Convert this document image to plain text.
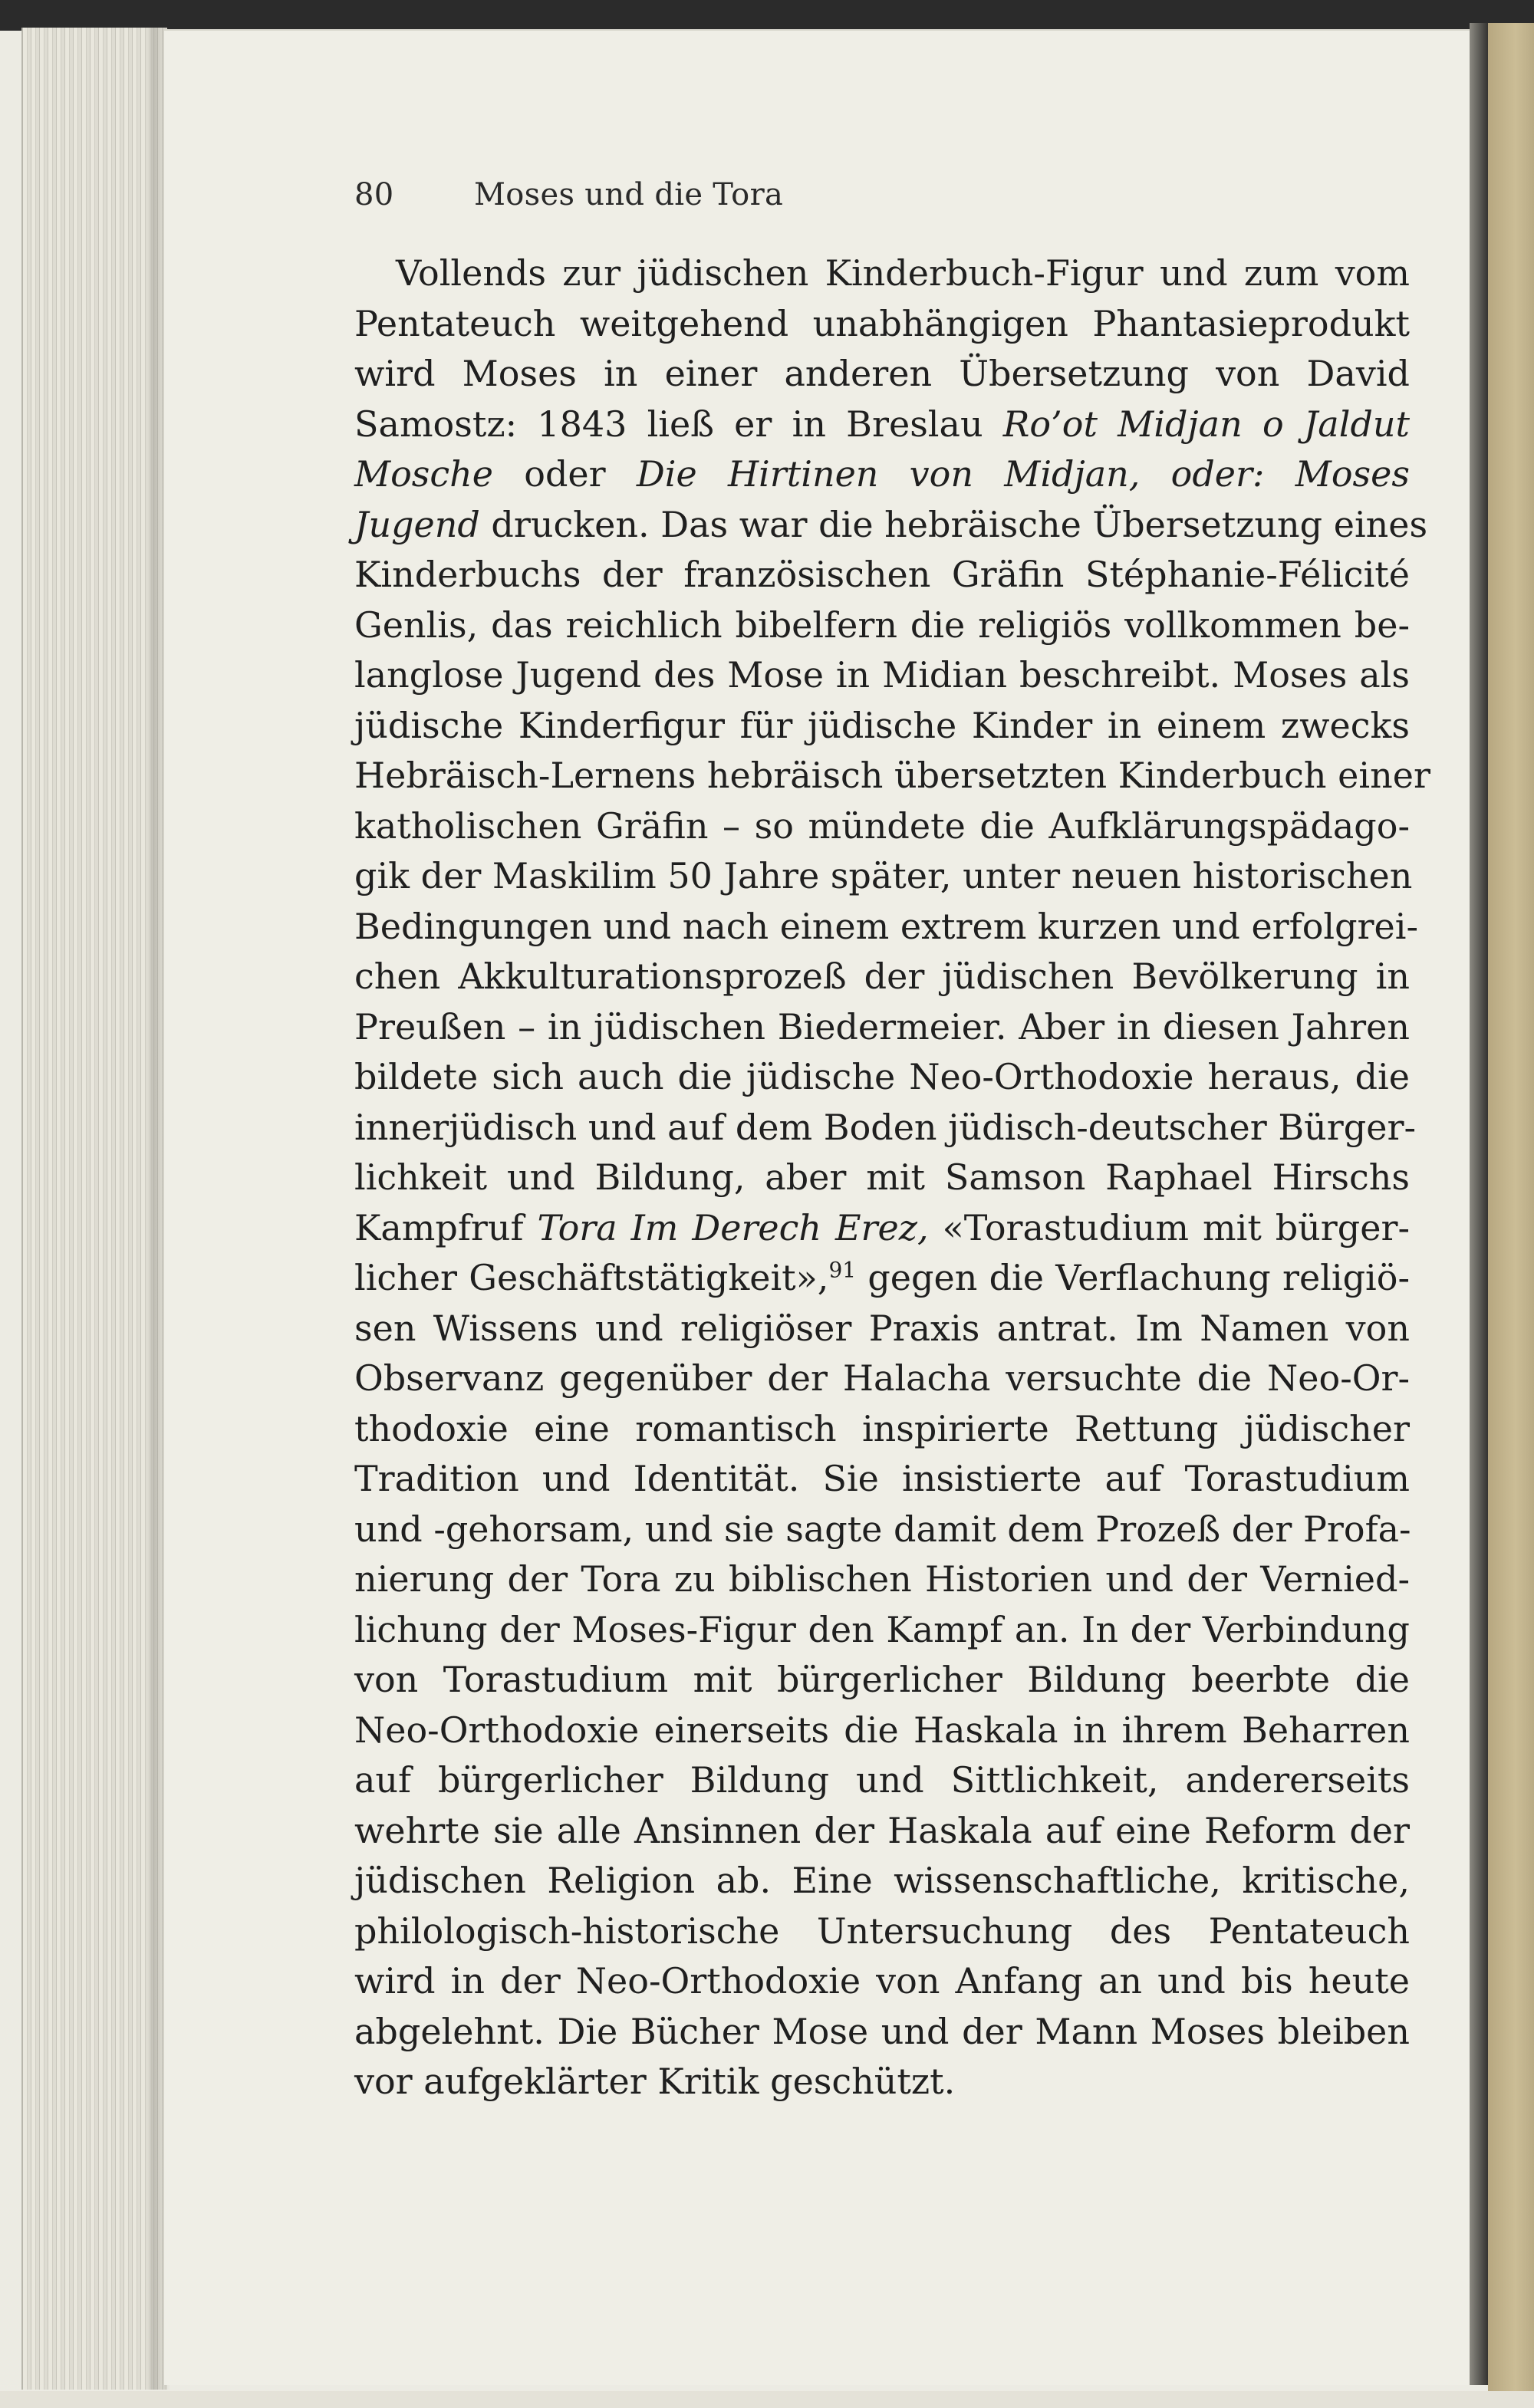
80	Moses und die Tora
Vollends zur jüdischen Kinderbuch-Figur und zum vom
Pentateuch weitgehend unabhängigen Phantasieprodukt
wird Moses in einer anderen Übersetzung von David
Samostz: 1843 ließ er in Breslau Ro’ot Midjan o Jaldut
Mosche oder Die Hirtinen von Midjan, oder: Moses
Jugend drucken. Das war die hebräische Übersetzung eines
Kinderbuchs der französischen Gräfin Stéphanie-Félicité
Genlis, das reichlich bibelfern die religiös vollkommen be-
langlose Jugend des Mose in Midian beschreibt. Moses als
jüdische Kinderfigur für jüdische Kinder in einem zwecks
Hebräisch-Lernens hebräisch übersetzten Kinderbuch einer
katholischen Gräfin – so mündete die Aufklärungspädago-
gik der Maskilim 50 Jahre später, unter neuen historischen
Bedingungen und nach einem extrem kurzen und erfolgrei-
chen Akkulturationsprozeß der jüdischen Bevölkerung in
Preußen – in jüdischen Biedermeier. Aber in diesen Jahren
bildete sich auch die jüdische Neo-Orthodoxie heraus, die
innerjüdisch und auf dem Boden jüdisch-deutscher Bürger-
lichkeit und Bildung, aber mit Samson Raphael Hirschs
Kampfruf Tora Im Derech Erez, «Torastudium mit bürger-
licher Geschäftstätigkeit»,$^{91}$ gegen die Verflachung religiö-
sen Wissens und religiöser Praxis antrat. Im Namen von
Observanz gegenüber der Halacha versuchte die Neo-Or-
thodoxie eine romantisch inspirierte Rettung jüdischer
Tradition und Identität. Sie insistierte auf Torastudium
und -gehorsam, und sie sagte damit dem Prozeß der Profa-
nierung der Tora zu biblischen Historien und der Vernied-
lichung der Moses-Figur den Kampf an. In der Verbindung
von Torastudium mit bürgerlicher Bildung beerbte die
Neo-Orthodoxie einerseits die Haskala in ihrem Beharren
auf bürgerlicher Bildung und Sittlichkeit, andererseits
wehrte sie alle Ansinnen der Haskala auf eine Reform der
jüdischen Religion ab. Eine wissenschaftliche, kritische,
philologisch-historische Untersuchung des Pentateuch
wird in der Neo-Orthodoxie von Anfang an und bis heute
abgelehnt. Die Bücher Mose und der Mann Moses bleiben
vor aufgeklärter Kritik geschützt.
